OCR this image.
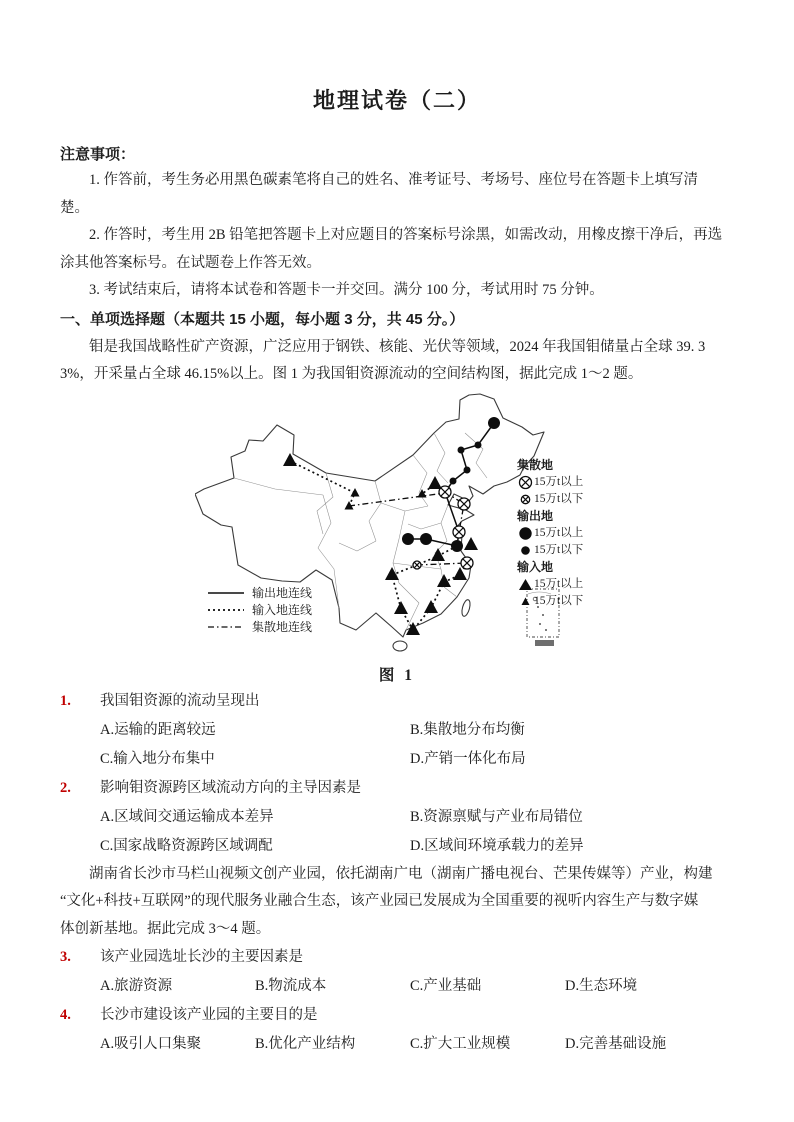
地理试卷（二）
注意事项：
1. 作答前，考生务必用黑色碳素笔将自己的姓名、准考证号、考场号、座位号在答题卡上填写清
楚。
2. 作答时，考生用 2B 铅笔把答题卡上对应题目的答案标号涂黑，如需改动，用橡皮擦干净后，再选
涂其他答案标号。在试题卷上作答无效。
3. 考试结束后，请将本试卷和答题卡一并交回。满分 100 分，考试用时 75 分钟。
一、单项选择题（本题共 15 小题，每小题 3 分，共 45 分。）
钼是我国战略性矿产资源，广泛应用于钢铁、核能、光伏等领域，2024 年我国钼储量占全球 39. 3
3%，开采量占全球 46.15%以上。图 1 为我国钼资源流动的空间结构图，据此完成 1～2 题。
集散地
15万t以上
15万t以下
输出地
15万t以上
15万t以下
输入地
15万t以上
15万t以下
输出地连线
输入地连线
集散地连线
图 1
1. 我国钼资源的流动呈现出
A.运输的距离较远	B.集散地分布均衡
C.输入地分布集中	D.产销一体化布局
2. 影响钼资源跨区域流动方向的主导因素是
A.区域间交通运输成本差异	B.资源禀赋与产业布局错位
C.国家战略资源跨区域调配	D.区域间环境承载力的差异
湖南省长沙市马栏山视频文创产业园，依托湖南广电（湖南广播电视台、芒果传媒等）产业，构建
“文化+科技+互联网”的现代服务业融合生态，该产业园已发展成为全国重要的视听内容生产与数字媒
体创新基地。据此完成 3～4 题。
3. 该产业园选址长沙的主要因素是
A.旅游资源	B.物流成本	C.产业基础	D.生态环境
4. 长沙市建设该产业园的主要目的是
A.吸引人口集聚	B.优化产业结构	C.扩大工业规模	D.完善基础设施
